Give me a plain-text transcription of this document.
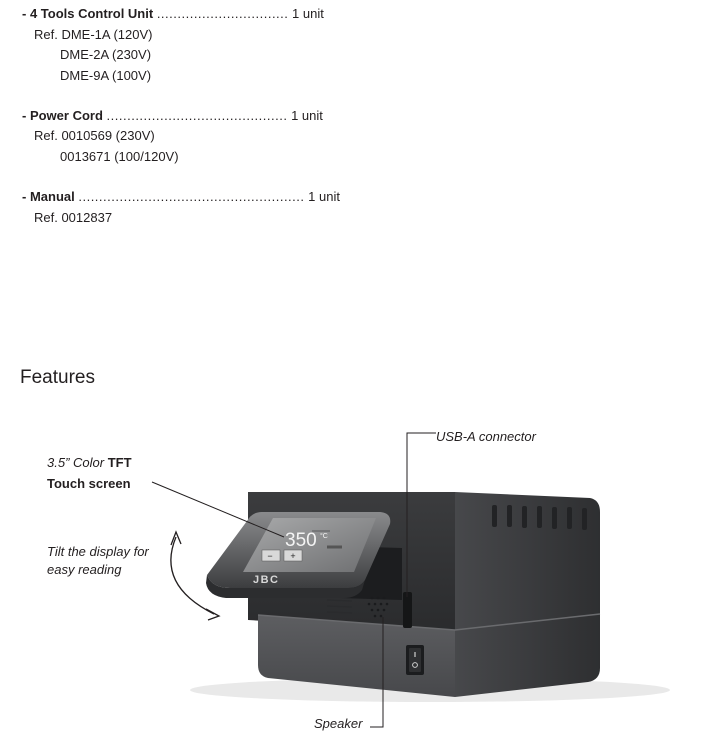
- 4 Tools Control Unit ................................ 1 unit
Ref. DME-1A (120V)
DME-2A (230V)
DME-9A (100V)
- Power Cord ............................................ 1 unit
Ref. 0010569 (230V)
0013671 (100/120V)
- Manual ....................................................... 1 unit
Ref. 0012837
Features
− +
350 °C
JBC
3.5” Color TFT
Touch screen
Tilt the display for
easy reading
USB-A connector
Speaker
